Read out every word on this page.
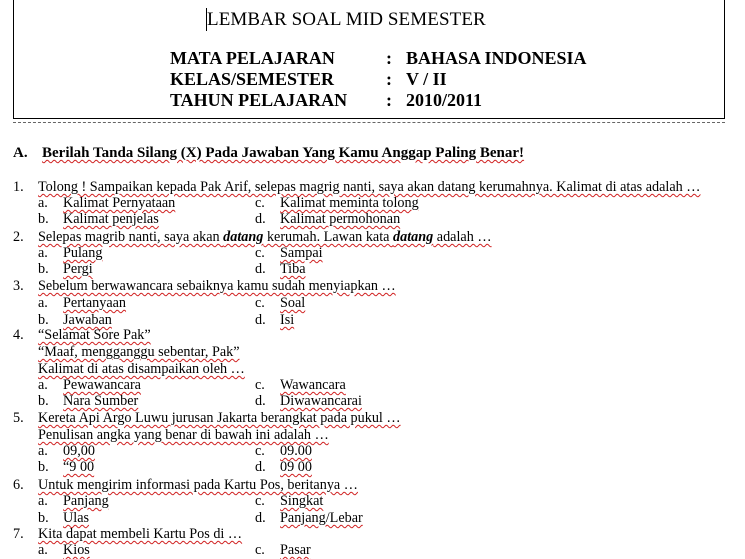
LEMBAR SOAL MID SEMESTER
MATA PELAJARAN	: BAHASA INDONESIA
KELAS/SEMESTER	: V / II
TAHUN PELAJARAN : 2010/2011
A. Berilah Tanda Silang (X) Pada Jawaban Yang Kamu Anggap Paling Benar!
1. Tolong ! Sampaikan kepada Pak Arif, selepas magrig nanti, saya akan datang kerumahnya. Kalimat di atas adalah …
a. Kalimat Pernyataan	c. Kalimat meminta tolong
b. Kalimat penjelas	d. Kalimat permohonan
2. Selepas magrib nanti, saya akan datang kerumah. Lawan kata datang adalah …
a. Pulang	c. Sampai
b. Pergi	d. Tiba
3. Sebelum berwawancara sebaiknya kamu sudah menyiapkan …
a. Pertanyaan	c. Soal
b. Jawaban	d. Isi
4. “Selamat Sore Pak”
“Maaf, mengganggu sebentar, Pak”
Kalimat di atas disampaikan oleh …
a. Pewawancara	c. Wawancara
b. Nara Sumber	d. Diwawancarai
5. Kereta Api Argo Luwu jurusan Jakarta berangkat pada pukul …
Penulisan angka yang benar di bawah ini adalah …
a. 09,00	c. 09.00
b. “9 00	d. 09 00
6. Untuk mengirim informasi pada Kartu Pos, beritanya …
a. Panjang	c. Singkat
b. Ulas	d. Panjang/Lebar
7. Kita dapat membeli Kartu Pos di …
a. Kios	c. Pasar
